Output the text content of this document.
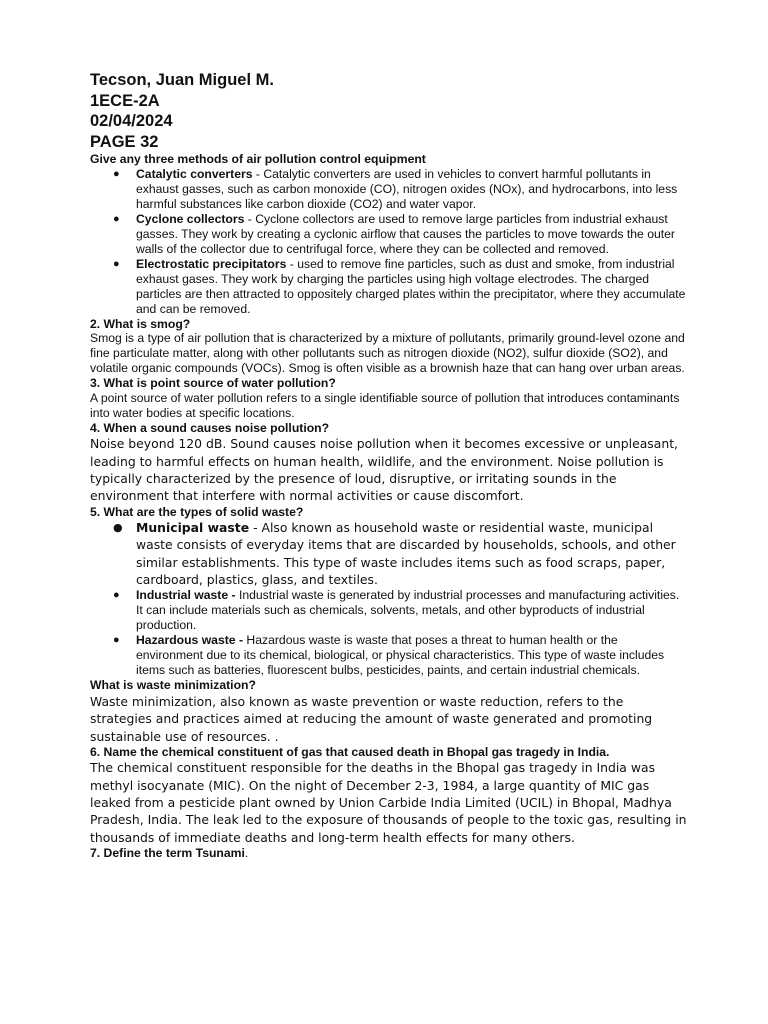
Tecson, Juan Miguel M.
1ECE-2A
02/04/2024
PAGE 32
Give any three methods of air pollution control equipment
● Catalytic converters - Catalytic converters are used in vehicles to convert harmful pollutants in exhaust gasses, such as carbon monoxide (CO), nitrogen oxides (NOx), and hydrocarbons, into less harmful substances like carbon dioxide (CO2) and water vapor.
● Cyclone collectors - Cyclone collectors are used to remove large particles from industrial exhaust gasses. They work by creating a cyclonic airflow that causes the particles to move towards the outer walls of the collector due to centrifugal force, where they can be collected and removed.
● Electrostatic precipitators - used to remove fine particles, such as dust and smoke, from industrial exhaust gases. They work by charging the particles using high voltage electrodes. The charged particles are then attracted to oppositely charged plates within the precipitator, where they accumulate and can be removed.
2. What is smog?

Smog is a type of air pollution that is characterized by a mixture of pollutants, primarily ground-level ozone and fine particulate matter, along with other pollutants such as nitrogen dioxide (NO2), sulfur dioxide (SO2), and volatile organic compounds (VOCs). Smog is often visible as a brownish haze that can hang over urban areas.

3. What is point source of water pollution?

A point source of water pollution refers to a single identifiable source of pollution that introduces contaminants into water bodies at specific locations.

4. When a sound causes noise pollution?

Noise beyond 120 dB. Sound causes noise pollution when it becomes excessive or unpleasant, leading to harmful effects on human health, wildlife, and the environment. Noise pollution is typically characterized by the presence of loud, disruptive, or irritating sounds in the environment that interfere with normal activities or cause discomfort.

5. What are the types of solid waste?
● Municipal waste - Also known as household waste or residential waste, municipal waste consists of everyday items that are discarded by households, schools, and other similar establishments. This type of waste includes items such as food scraps, paper, cardboard, plastics, glass, and textiles.
● Industrial waste - Industrial waste is generated by industrial processes and manufacturing activities. It can include materials such as chemicals, solvents, metals, and other byproducts of industrial production.
● Hazardous waste - Hazardous waste is waste that poses a threat to human health or the environment due to its chemical, biological, or physical characteristics. This type of waste includes items such as batteries, fluorescent bulbs, pesticides, paints, and certain industrial chemicals.
What is waste minimization?

Waste minimization, also known as waste prevention or waste reduction, refers to the strategies and practices aimed at reducing the amount of waste generated and promoting sustainable use of resources. .

6. Name the chemical constituent of gas that caused death in Bhopal gas tragedy in India.

The chemical constituent responsible for the deaths in the Bhopal gas tragedy in India was methyl isocyanate (MIC). On the night of December 2-3, 1984, a large quantity of MIC gas leaked from a pesticide plant owned by Union Carbide India Limited (UCIL) in Bhopal, Madhya Pradesh, India. The leak led to the exposure of thousands of people to the toxic gas, resulting in thousands of immediate deaths and long-term health effects for many others.

7. Define the term Tsunami.
